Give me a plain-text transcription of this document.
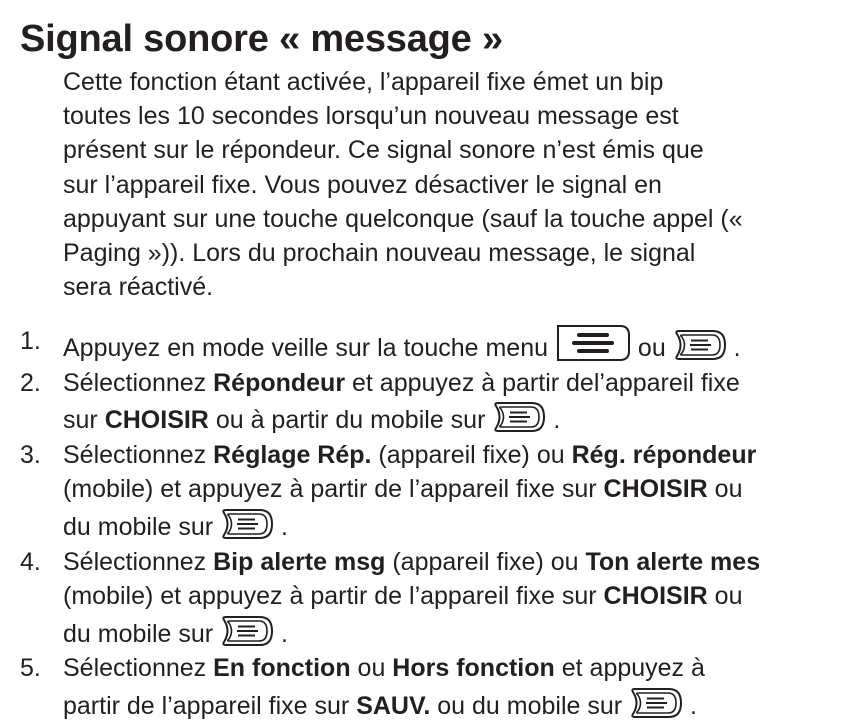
Signal sonore « message »

Cette fonction étant activée, l’appareil fixe émet un bip
toutes les 10 secondes lorsqu’un nouveau message est
présent sur le répondeur. Ce signal sonore n’est émis que
sur l’appareil fixe. Vous pouvez désactiver le signal en
appuyant sur une touche quelconque (sauf la touche appel («
Paging »)). Lors du prochain nouveau message, le signal
sera réactivé.

1. Appuyez en mode veille sur la touche menu	ou
.
2. Sélectionnez Répondeur et appuyez à partir del’appareil fixe
sur CHOISIR ou à partir du mobile sur
.
3. Sélectionnez Réglage Rép. (appareil fixe) ou Rég. répondeur
(mobile) et appuyez à partir de l’appareil fixe sur CHOISIR ou
du mobile sur
.
4. Sélectionnez Bip alerte msg (appareil fixe) ou Ton alerte mes
(mobile) et appuyez à partir de l’appareil fixe sur CHOISIR ou
du mobile sur
.
5. Sélectionnez En fonction ou Hors fonction et appuyez à
partir de l’appareil fixe sur SAUV. ou du mobile sur	.
